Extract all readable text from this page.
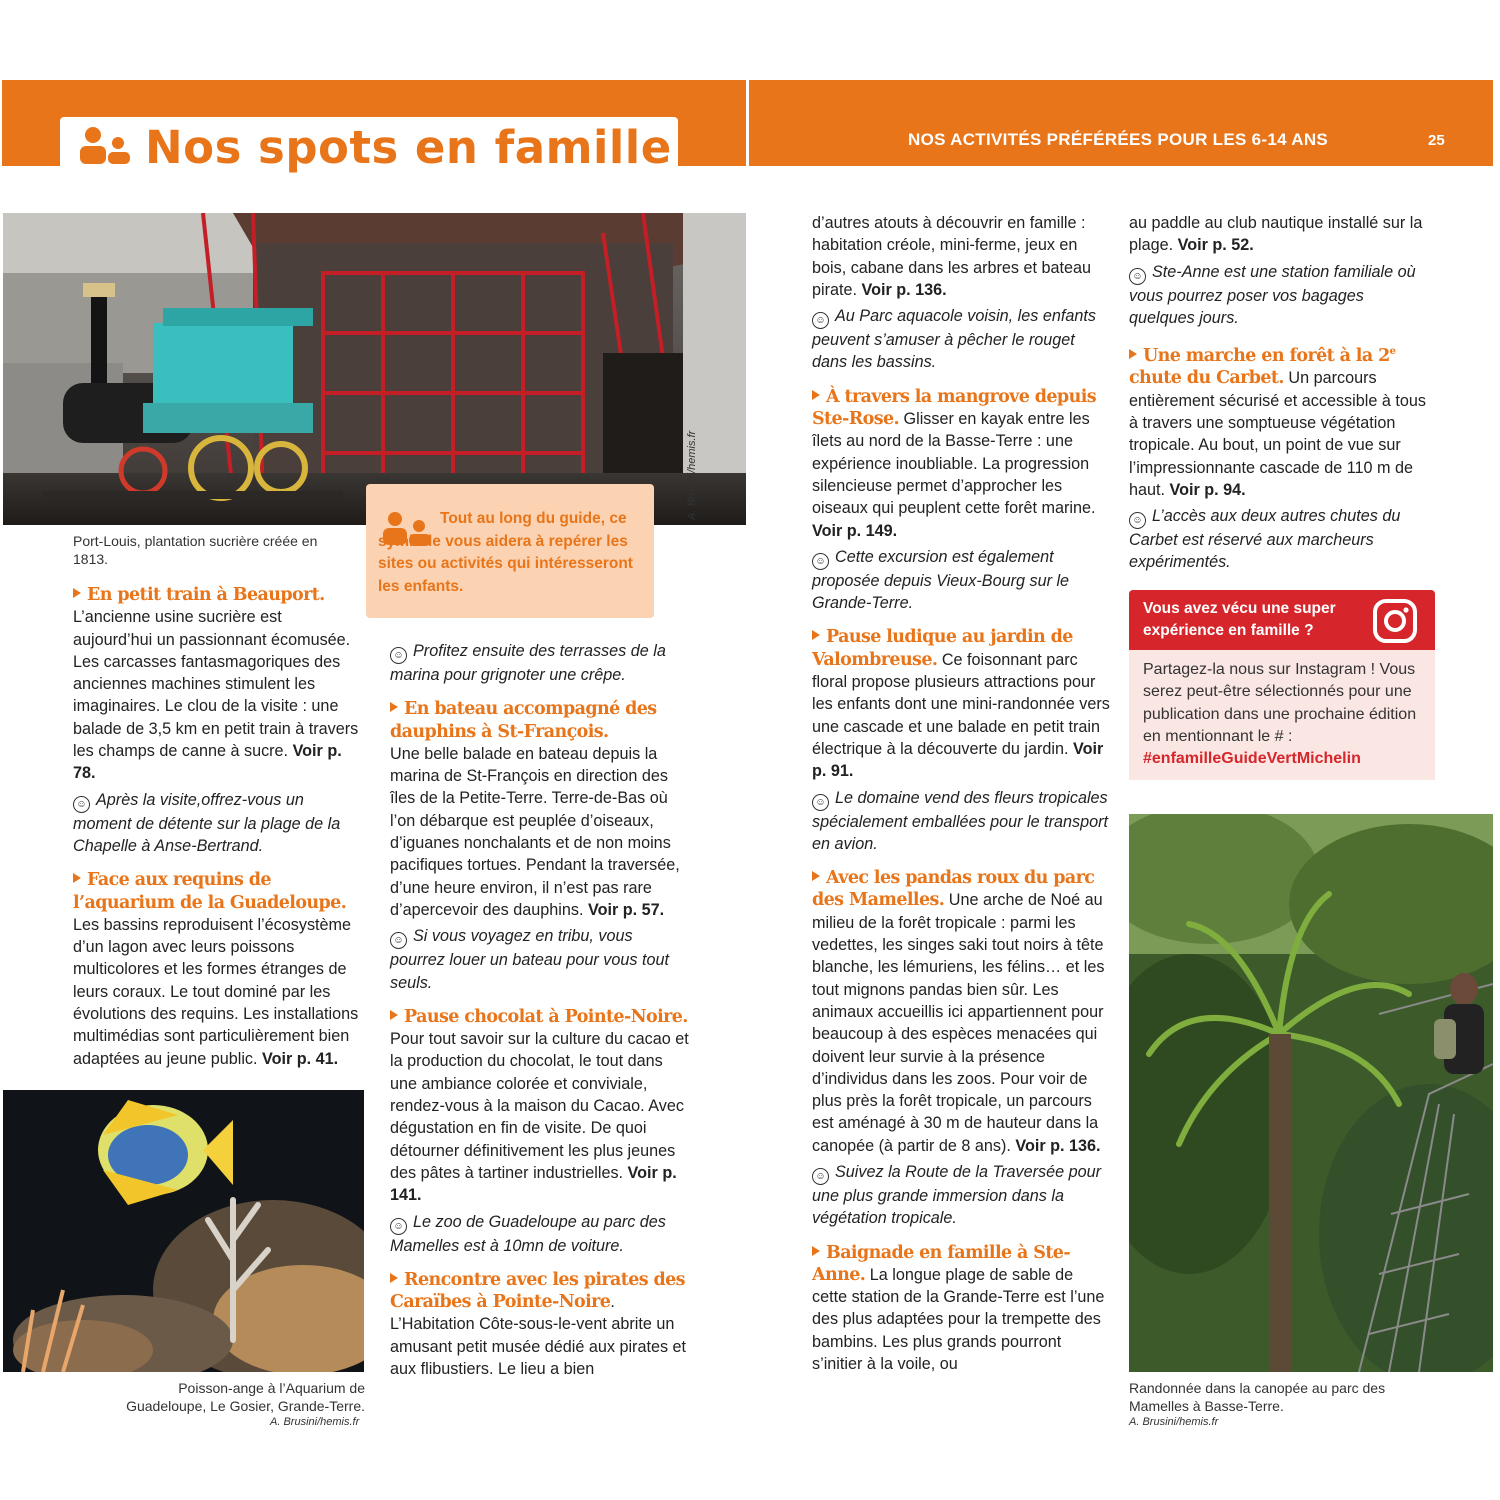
Nos spots en famille	NOS ACTIVITÉS PRÉFÉRÉES POUR LES 6-14 ANS	25
A. Brusini/hemis.fr
Port-Louis, plantation sucrière créée en 1813.
Tout au long du guide, ce symbole vous aidera à repérer les sites ou activités qui intéresseront les enfants.

En petit train à Beauport.

L’ancienne usine sucrière est aujourd’hui un passionnant écomusée. Les carcasses fantasmagoriques des anciennes machines stimulent les imaginaires. Le clou de la visite : une balade de 3,5 km en petit train à travers les champs de canne à sucre. Voir p. 78.

☺ Après la visite,offrez-vous un moment de détente sur la plage de la Chapelle à Anse-Bertrand.

Face aux requins de l’aquarium de la Guadeloupe. Les bassins reproduisent l’écosystème d’un lagon avec leurs poissons multicolores et les formes étranges de leurs coraux. Le tout dominé par les évolutions des requins. Les installations multimédias sont particulièrement bien adaptées au jeune public. Voir p. 41.

Poisson-ange à l’Aquarium de Guadeloupe, Le Gosier, Grande-Terre.
A. Brusini/hemis.fr

☺ Profitez ensuite des terrasses de la marina pour grignoter une crêpe.

En bateau accompagné des dauphins à St-François.

Une belle balade en bateau depuis la marina de St-François en direction des îles de la Petite-Terre. Terre-de-Bas où l’on débarque est peuplée d’oiseaux, d’iguanes nonchalants et de non moins pacifiques tortues. Pendant la traversée, d’une heure environ, il n’est pas rare d’apercevoir des dauphins. Voir p. 57.

☺ Si vous voyagez en tribu, vous pourrez louer un bateau pour vous tout seuls.

Pause chocolat à Pointe-Noire. Pour tout savoir sur la culture du cacao et la production du chocolat, le tout dans une ambiance colorée et conviviale, rendez-vous à la maison du Cacao. Avec dégustation en fin de visite. De quoi détourner définitivement les plus jeunes des pâtes à tartiner industrielles. Voir p. 141.

☺ Le zoo de Guadeloupe au parc des Mamelles est à 10mn de voiture.

Rencontre avec les pirates des Caraïbes à Pointe-Noire. L’Habitation Côte-sous-le-vent abrite un amusant petit musée dédié aux pirates et aux flibustiers. Le lieu a bien

d’autres atouts à découvrir en famille : habitation créole, mini-ferme, jeux en bois, cabane dans les arbres et bateau pirate. Voir p. 136.

☺ Au Parc aquacole voisin, les enfants peuvent s’amuser à pêcher le rouget dans les bassins.

À travers la mangrove depuis Ste-Rose. Glisser en kayak entre les îlets au nord de la Basse-Terre : une expérience inoubliable. La progression silencieuse permet d’approcher les oiseaux qui peuplent cette forêt marine. Voir p. 149.

☺ Cette excursion est également proposée depuis Vieux-Bourg sur le Grande-Terre.

Pause ludique au jardin de Valombreuse. Ce foisonnant parc floral propose plusieurs attractions pour les enfants dont une mini-randonnée vers une cascade et une balade en petit train électrique à la découverte du jardin. Voir p. 91.

☺ Le domaine vend des fleurs tropicales spécialement emballées pour le transport en avion.

Avec les pandas roux du parc des Mamelles. Une arche de Noé au milieu de la forêt tropicale : parmi les vedettes, les singes saki tout noirs à tête blanche, les lémuriens, les félins… et les tout mignons pandas bien sûr. Les animaux accueillis ici appartiennent pour beaucoup à des espèces menacées qui doivent leur survie à la présence d’individus dans les zoos. Pour voir de plus près la forêt tropicale, un parcours est aménagé à 30 m de hauteur dans la canopée (à partir de 8 ans). Voir p. 136.

☺ Suivez la Route de la Traversée pour une plus grande immersion dans la végétation tropicale.

Baignade en famille à Ste-Anne. La longue plage de sable de cette station de la Grande-Terre est l’une des plus adaptées pour la trempette des bambins. Les plus grands pourront s’initier à la voile, ou

au paddle au club nautique installé sur la plage. Voir p. 52.

☺ Ste-Anne est une station familiale où vous pourrez poser vos bagages quelques jours.

Une marche en forêt à la 2e chute du Carbet. Un parcours entièrement sécurisé et accessible à tous à travers une somptueuse végétation tropicale. Au bout, un point de vue sur l’impressionnante cascade de 110 m de haut. Voir p. 94.

☺ L’accès aux deux autres chutes du Carbet est réservé aux marcheurs expérimentés.

Vous avez vécu une super expérience en famille ?
Partagez-la nous sur Instagram ! Vous serez peut-être sélectionnés pour une publication dans une prochaine édition en mentionnant le # : #enfamilleGuideVertMichelin
Randonnée dans la canopée au parc des Mamelles à Basse-Terre.
A. Brusini/hemis.fr
